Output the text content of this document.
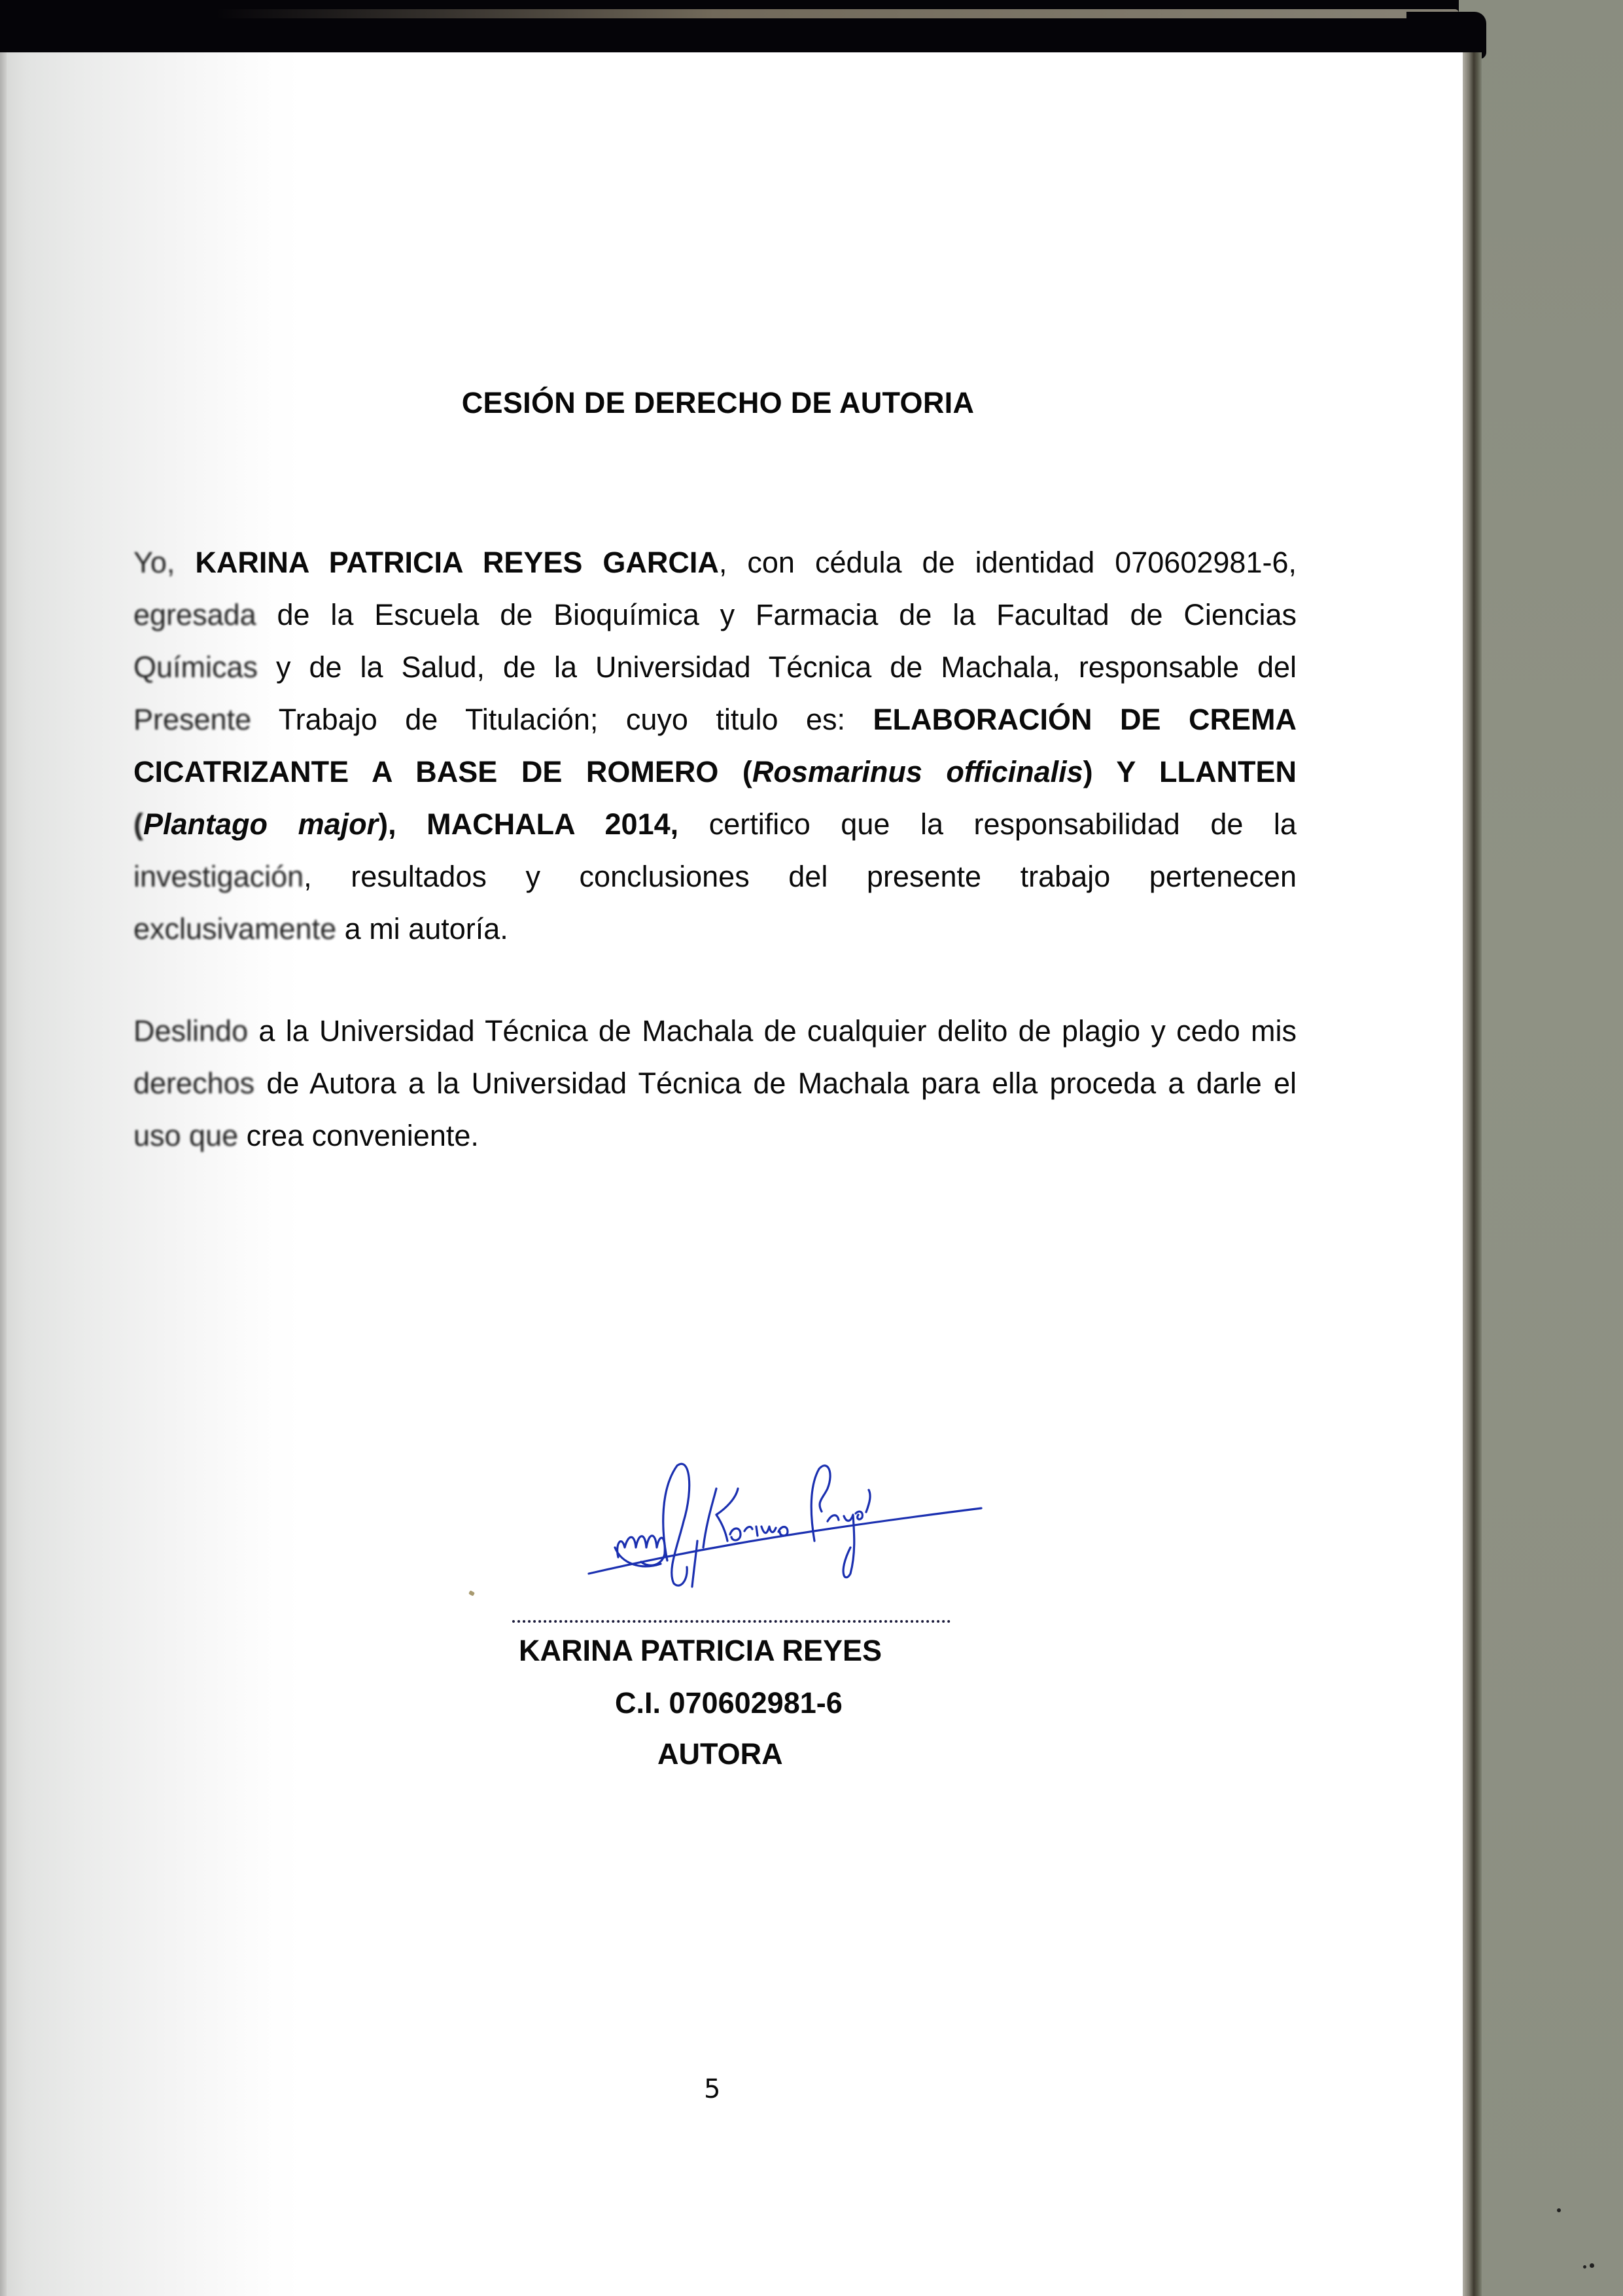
CESIÓN DE DERECHO DE AUTORIA
Yo, KARINA PATRICIA REYES GARCIA, con cédula de identidad 070602981-6,
egresada de la Escuela de Bioquímica y Farmacia de la Facultad de Ciencias
Químicas y de la Salud, de la Universidad Técnica de Machala, responsable del
Presente Trabajo de Titulación; cuyo titulo es: ELABORACIÓN DE CREMA
CICATRIZANTE A BASE DE ROMERO (Rosmarinus officinalis) Y LLANTEN
(Plantago major), MACHALA 2014, certifico que la responsabilidad de la
investigación, resultados y conclusiones del presente trabajo pertenecen
exclusivamente a mi autoría.
Deslindo a la Universidad Técnica de Machala de cualquier delito de plagio y cedo mis
derechos de Autora a la Universidad Técnica de Machala para ella proceda a darle el
uso que crea conveniente.
KARINA PATRICIA REYES
C.I. 070602981-6
AUTORA
5
